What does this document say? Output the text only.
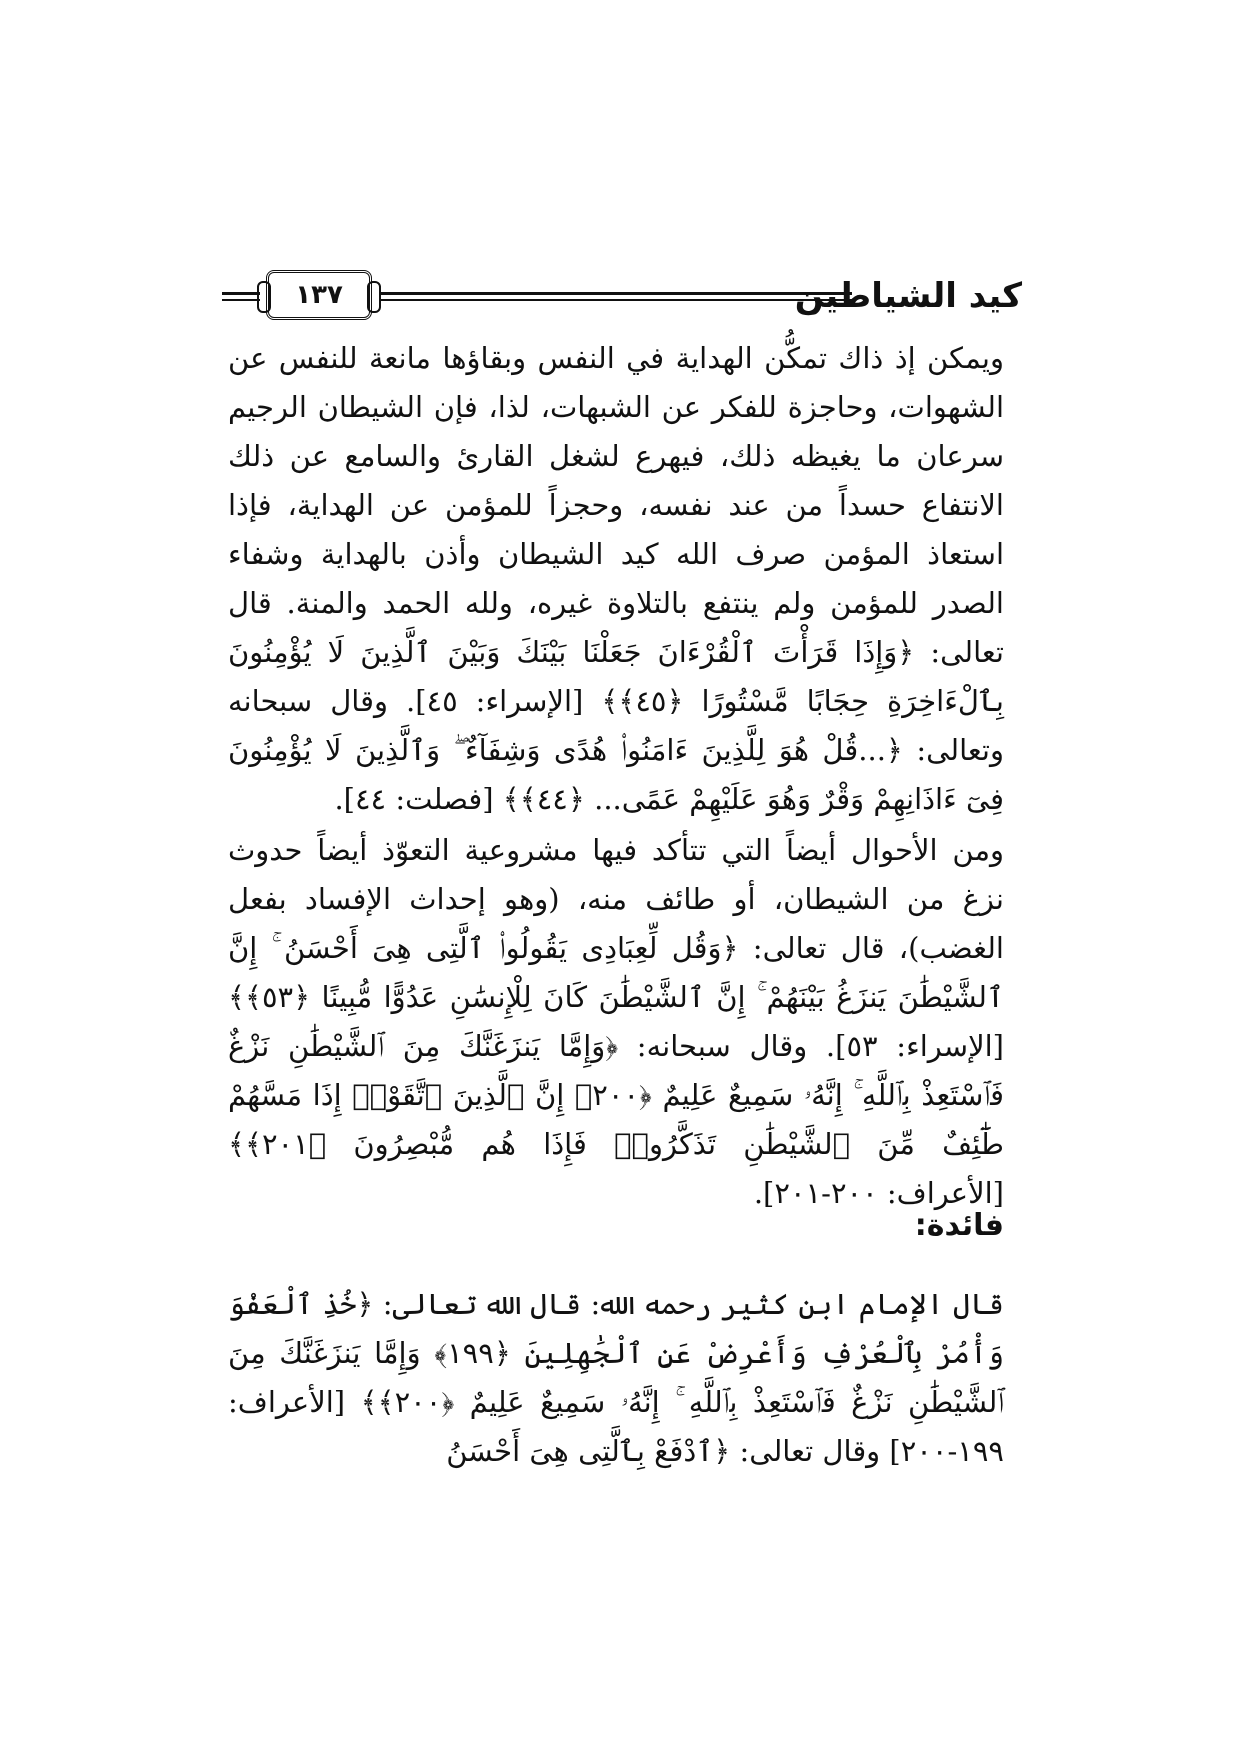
كيد الشياطين
١٣٧

ويمكن إذ ذاك تمكُّن الهداية في النفس وبقاؤها مانعة للنفس عن الشهوات، وحاجزة للفكر عن الشبهات، لذا، فإن الشيطان الرجيم سرعان ما يغيظه ذلك، فيهرع لشغل القارئ والسامع عن ذلك الانتفاع حسداً من عند نفسه، وحجزاً للمؤمن عن الهداية، فإذا استعاذ المؤمن صرف الله كيد الشيطان وأذن بالهداية وشفاء الصدر للمؤمن ولم ينتفع بالتلاوة غيره، ولله الحمد والمنة. قال تعالى: ﴿وَإِذَا قَرَأْتَ ٱلْقُرْءَانَ جَعَلْنَا بَيْنَكَ وَبَيْنَ ٱلَّذِينَ لَا يُؤْمِنُونَ بِٱلْءَاخِرَةِ حِجَابًا مَّسْتُورًا ﴿٤٥﴾﴾ [الإسراء: ٤٥]. وقال سبحانه وتعالى: ﴿...قُلْ هُوَ لِلَّذِينَ ءَامَنُوا۟ هُدًى وَشِفَآءٌ ۖ وَٱلَّذِينَ لَا يُؤْمِنُونَ فِىٓ ءَاذَانِهِمْ وَقْرٌ وَهُوَ عَلَيْهِمْ عَمًى... ﴿٤٤﴾﴾ [فصلت: ٤٤].

ومن الأحوال أيضاً التي تتأكد فيها مشروعية التعوّذ أيضاً حدوث نزغ من الشيطان، أو طائف منه، (وهو إحداث الإفساد بفعل الغضب)، قال تعالى: ﴿وَقُل لِّعِبَادِى يَقُولُوا۟ ٱلَّتِى هِىَ أَحْسَنُ ۚ إِنَّ ٱلشَّيْطَٰنَ يَنزَغُ بَيْنَهُمْ ۚ إِنَّ ٱلشَّيْطَٰنَ كَانَ لِلْإِنسَٰنِ عَدُوًّا مُّبِينًا ﴿٥٣﴾﴾ [الإسراء: ٥٣]. وقال سبحانه: ﴿وَإِمَّا يَنزَغَنَّكَ مِنَ ٱلشَّيْطَٰنِ نَزْغٌ فَٱسْتَعِذْ بِٱللَّهِ ۚ إِنَّهُۥ سَمِيعٌ عَلِيمٌ ﴿٢٠٠﴾ إِنَّ ٱلَّذِينَ ٱتَّقَوْا۟ إِذَا مَسَّهُمْ طَٰٓئِفٌ مِّنَ ٱلشَّيْطَٰنِ تَذَكَّرُوا۟ فَإِذَا هُم مُّبْصِرُونَ ﴿٢٠١﴾﴾ [الأعراف: ٢٠٠-٢٠١].

فائدة:

قال الإمام ابن كثير رحمه الله: قال الله تعالى: ﴿خُذِ ٱلْعَفْوَ وَأْمُرْ بِٱلْعُرْفِ وَأَعْرِضْ عَنِ ٱلْجَٰهِلِينَ ﴿١٩٩﴾ وَإِمَّا يَنزَغَنَّكَ مِنَ ٱلشَّيْطَٰنِ نَزْغٌ فَٱسْتَعِذْ بِٱللَّهِ ۚ إِنَّهُۥ سَمِيعٌ عَلِيمٌ ﴿٢٠٠﴾﴾ [الأعراف: ١٩٩-٢٠٠] وقال تعالى: ﴿ٱدْفَعْ بِٱلَّتِى هِىَ أَحْسَنُ
